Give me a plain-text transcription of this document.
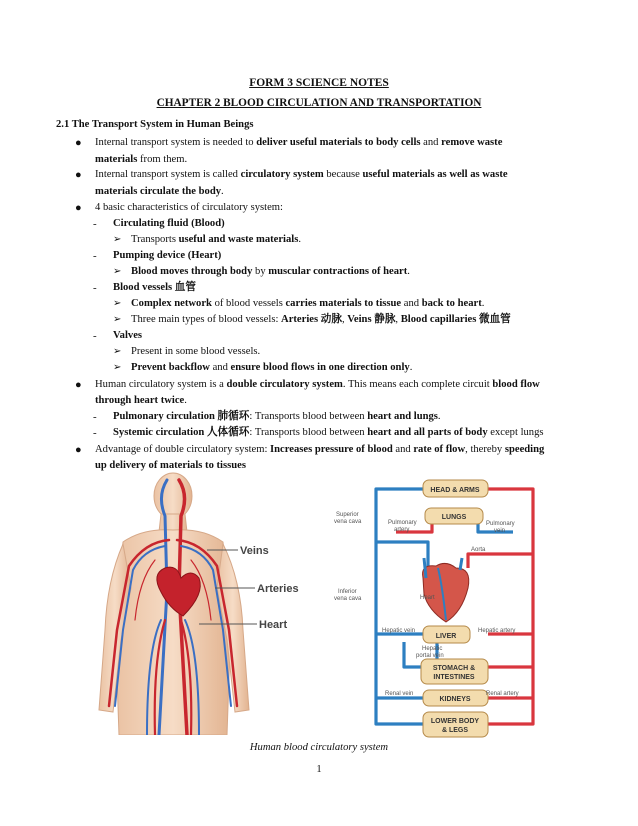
FORM 3 SCIENCE NOTES
CHAPTER 2 BLOOD CIRCULATION AND TRANSPORTATION
2.1 The Transport System in Human Beings
● Internal transport system is needed to deliver useful materials to body cells and remove waste
materials from them.
● Internal transport system is called circulatory system because useful materials as well as waste
materials circulate the body.
● 4 basic characteristics of circulatory system:
- Circulating fluid (Blood)
➢ Transports useful and waste materials.
- Pumping device (Heart)
➢ Blood moves through body by muscular contractions of heart.
- Blood vessels 血管
➢ Complex network of blood vessels carries materials to tissue and back to heart.
➢ Three main types of blood vessels: Arteries 动脉, Veins 静脉, Blood capillaries 微血管
- Valves
➢ Present in some blood vessels.
➢ Prevent backflow and ensure blood flows in one direction only.
● Human circulatory system is a double circulatory system. This means each complete circuit blood flow
through heart twice.
- Pulmonary circulation 肺循环: Transports blood between heart and lungs.
- Systemic circulation 人体循环: Transports blood between heart and all parts of body except lungs
● Advantage of double circulatory system: Increases pressure of blood and rate of flow, thereby speeding
up delivery of materials to tissues
Veins
Arteries
Heart
HEAD & ARMS
LUNGS
LIVER
STOMACH &
INTESTINES
KIDNEYS
LOWER BODY
& LEGS
Superior
vena cava	Pulmonary
artery
Pulmonary
vein
Aorta
Inferior
vena cava	Heart
Hepatic vein	Hepatic artery
Hepatic
portal vein
Renal vein	Renal artery
Human blood circulatory system
1
